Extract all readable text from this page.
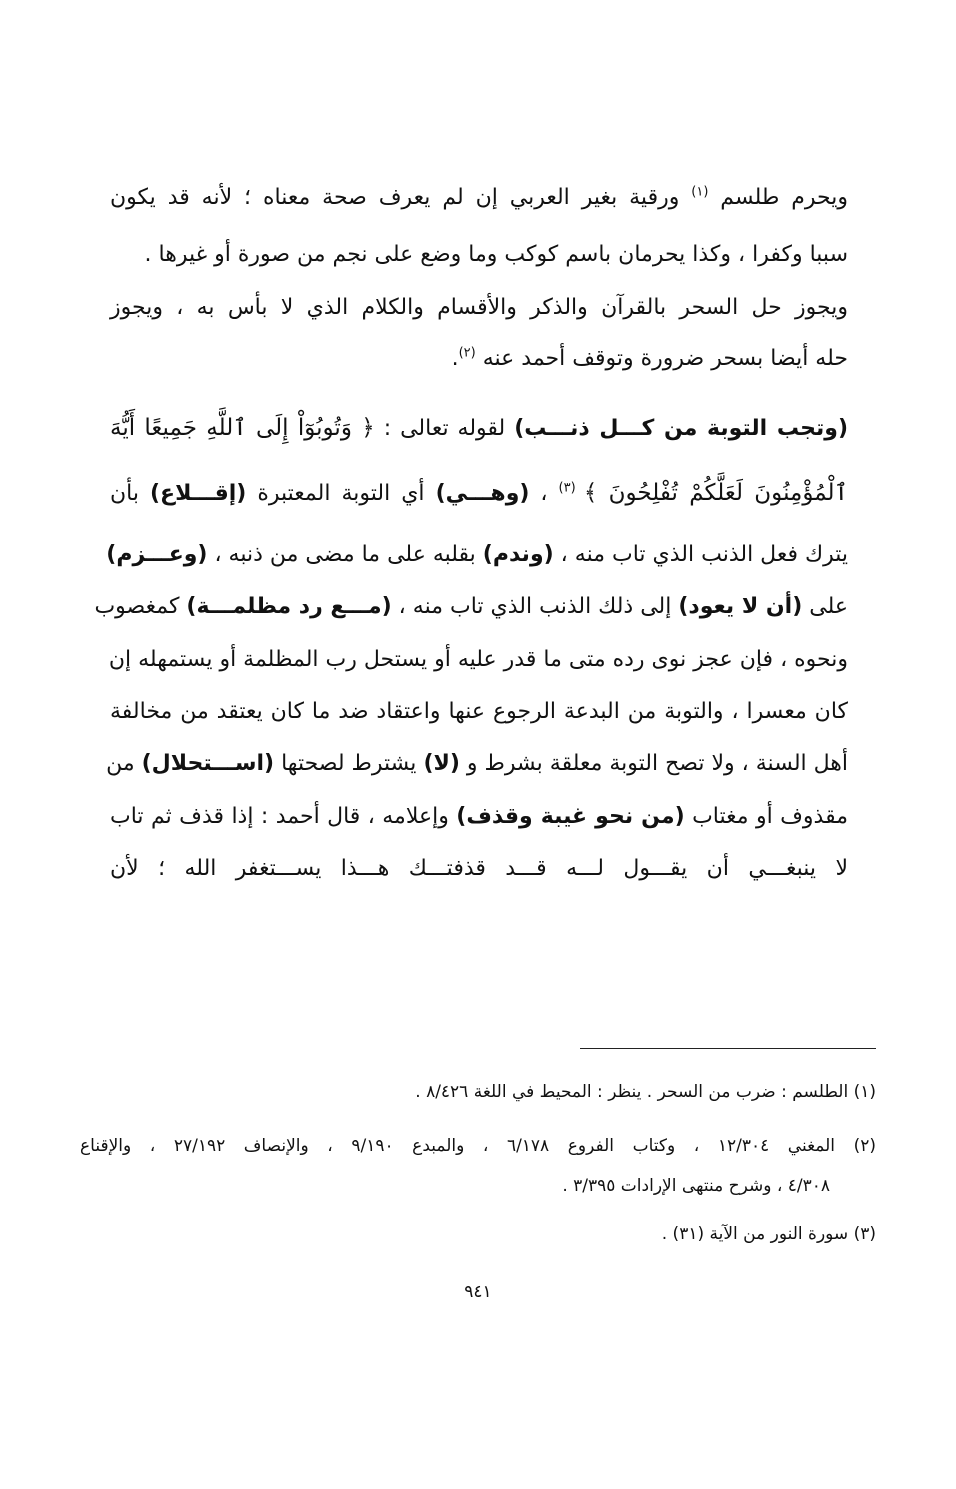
ويحرم طلسم $^{(١)}$ ورقية بغير العربي إن لم يعرف صحة معناه ؛ لأنه قد يكون
سببا وكفرا ، وكذا يحرمان باسم كوكب وما وضع على نجم من صورة أو غيرها .
ويجوز حل السحر بالقرآن والذكر والأقسام والكلام الذي لا بأس به ، ويجوز
حله أيضا بسحر ضرورة وتوقف أحمد عنه $^{(٢)}$.
(وتجب التوبة من كـــل ذنـــب) لقوله تعالى : ﴿ وَتُوبُوٓاْ إِلَى ٱللَّهِ جَمِيعًا أَيُّهَ
ٱلْمُؤْمِنُونَ لَعَلَّكُمْ تُفْلِحُونَ ﴾ $^{(٣)}$ ، (وهـــي) أي التوبة المعتبرة (إقـــلاع) بأن
يترك فعل الذنب الذي تاب منه ، (وندم) بقلبه على ما مضى من ذنبه ، (وعـــزم)
على (أن لا يعود) إلى ذلك الذنب الذي تاب منه ، (مـــع رد مظلمـــة) كمغصوب
ونحوه ، فإن عجز نوى رده متى ما قدر عليه أو يستحل رب المظلمة أو يستمهله إن
كان معسرا ، والتوبة من البدعة الرجوع عنها واعتقاد ضد ما كان يعتقد من مخالفة
أهل السنة ، ولا تصح التوبة معلقة بشرط و (لا) يشترط لصحتها (اســـتحلال) من
مقذوف أو مغتاب (من نحو غيبة وقذف) وإعلامه ، قال أحمد : إذا قذف ثم تاب
لا ينبغـــي أن يقـــول لـــه قـــد قذفتـــك هـــذا يســـتغفر الله ؛ لأن
(١) الطلسم : ضرب من السحر . ينظر : المحيط في اللغة ٨/٤٢٦ .
(٢) المغني ١٢/٣٠٤ ، وكتاب الفروع ٦/١٧٨ ، والمبدع ٩/١٩٠ ، والإنصاف ٢٧/١٩٢ ، والإقناع
٤/٣٠٨ ، وشرح منتهى الإرادات ٣/٣٩٥ .
(٣) سورة النور من الآية (٣١) .
٩٤١
